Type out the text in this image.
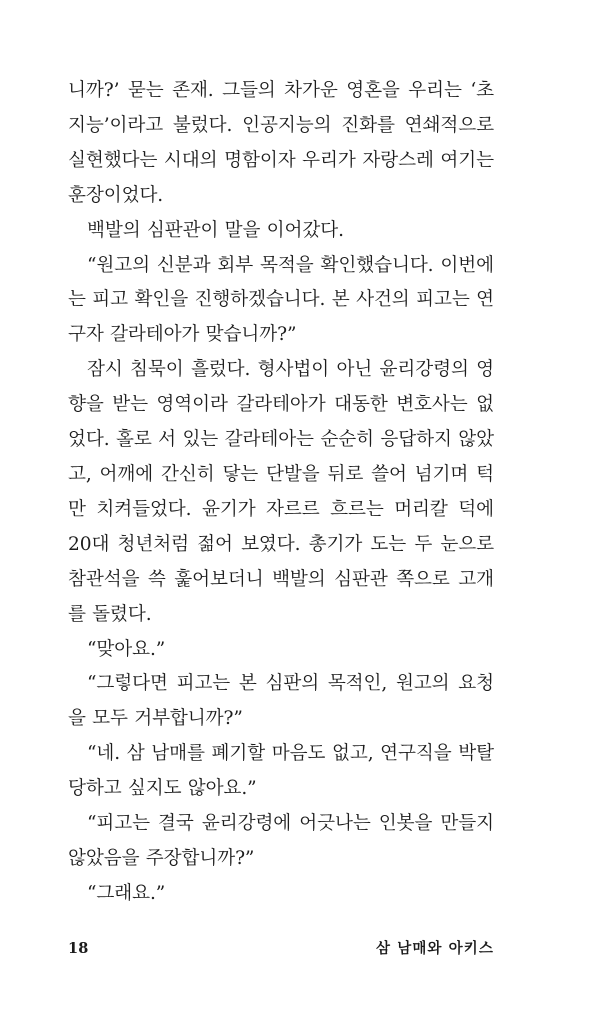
니까?’ 묻는 존재. 그들의 차가운 영혼을 우리는 ‘초지능’이라고 불렀다. 인공지능의 진화를 연쇄적으로 실현했다는 시대의 명함이자 우리가 자랑스레 여기는 훈장이었다.

백발의 심판관이 말을 이어갔다.

“원고의 신분과 회부 목적을 확인했습니다. 이번에는 피고 확인을 진행하겠습니다. 본 사건의 피고는 연구자 갈라테아가 맞습니까?”

잠시 침묵이 흘렀다. 형사법이 아닌 윤리강령의 영향을 받는 영역이라 갈라테아가 대동한 변호사는 없었다. 홀로 서 있는 갈라테아는 순순히 응답하지 않았고, 어깨에 간신히 닿는 단발을 뒤로 쓸어 넘기며 턱만 치켜들었다. 윤기가 자르르 흐르는 머리칼 덕에 20대 청년처럼 젊어 보였다. 총기가 도는 두 눈으로 참관석을 쓱 훑어보더니 백발의 심판관 쪽으로 고개를 돌렸다.

“맞아요.”

“그렇다면 피고는 본 심판의 목적인, 원고의 요청을 모두 거부합니까?”

“네. 삼 남매를 폐기할 마음도 없고, 연구직을 박탈당하고 싶지도 않아요.”

“피고는 결국 윤리강령에 어긋나는 인봇을 만들지 않았음을 주장합니까?”

“그래요.”

18	삼 남매와 아키스
